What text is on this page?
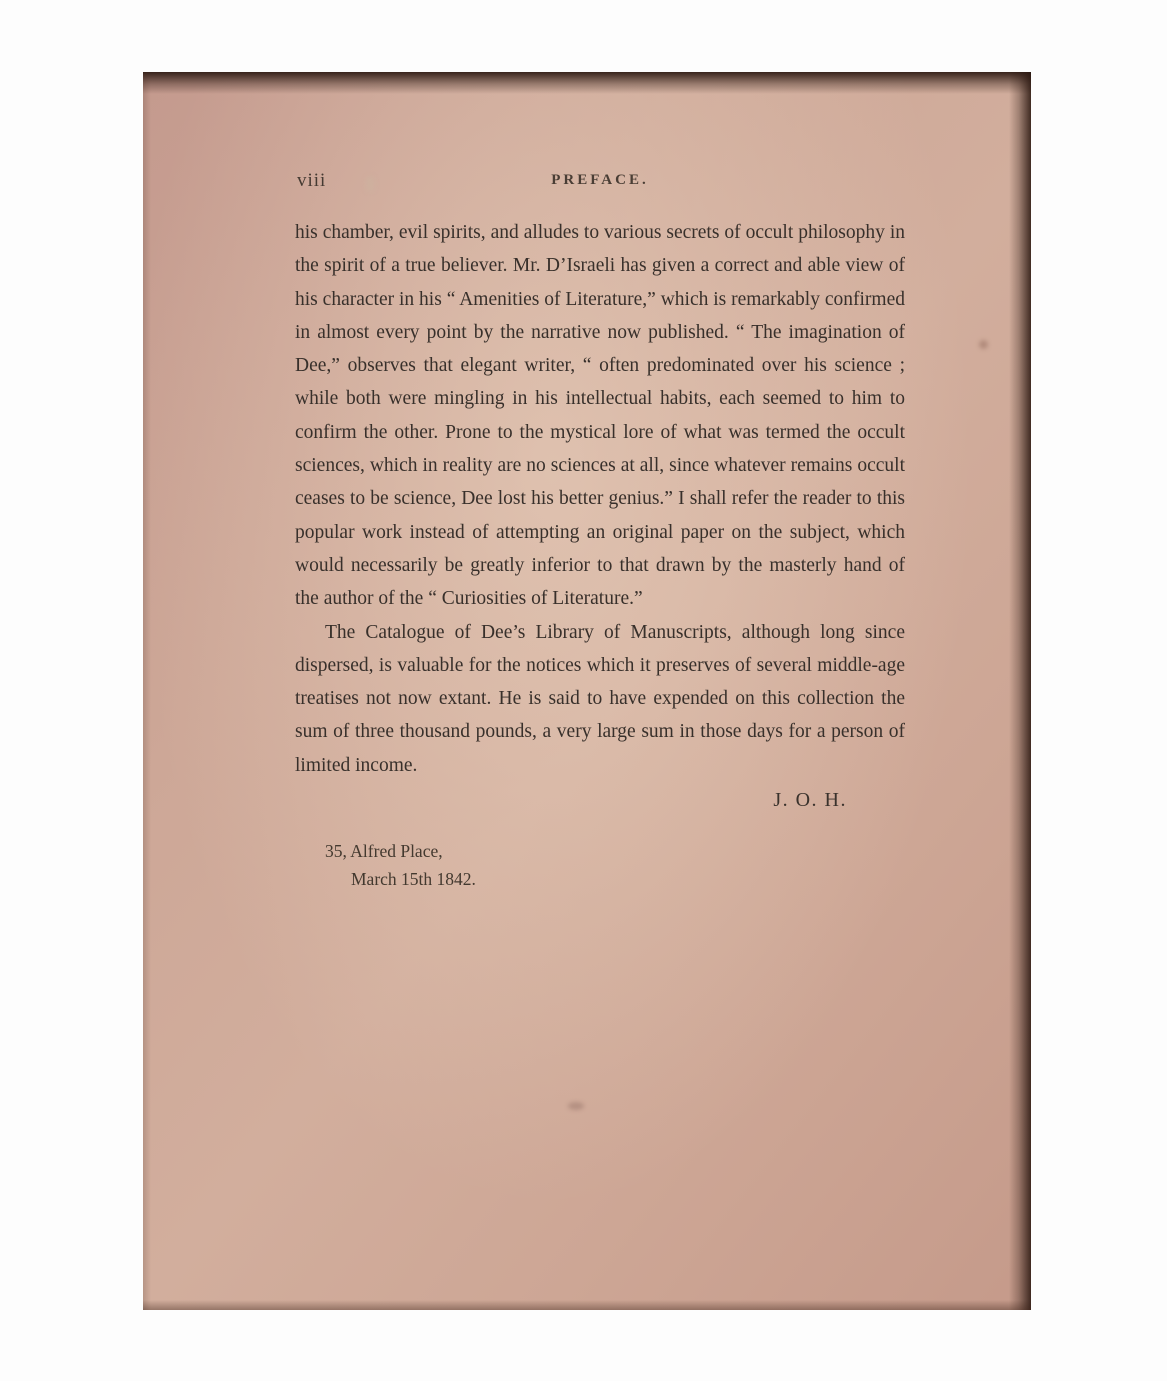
viii	PREFACE.

his chamber, evil spirits, and alludes to various secrets of occult philosophy in the spirit of a true believer. Mr. D’Israeli has given a correct and able view of his character in his “ Amenities of Literature,” which is remarkably confirmed in almost every point by the narrative now published. “ The imagination of Dee,” observes that elegant writer, “ often predominated over his science ; while both were mingling in his intellectual habits, each seemed to him to confirm the other. Prone to the mystical lore of what was termed the occult sciences, which in reality are no sciences at all, since whatever remains occult ceases to be science, Dee lost his better genius.” I shall refer the reader to this popular work instead of attempting an original paper on the subject, which would necessarily be greatly inferior to that drawn by the masterly hand of the author of the “ Curiosities of Literature.”

The Catalogue of Dee’s Library of Manuscripts, although long since dispersed, is valuable for the notices which it preserves of several middle-age treatises not now extant. He is said to have expended on this collection the sum of three thousand pounds, a very large sum in those days for a person of limited income.

J. O. H.
35, Alfred Place,
March 15th 1842.
